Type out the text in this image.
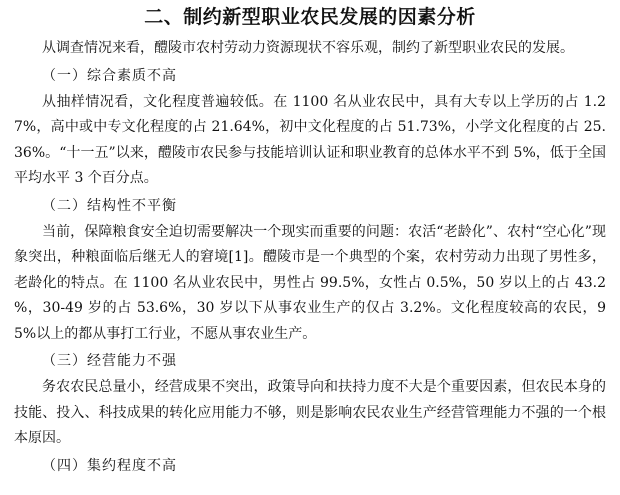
二、制约新型职业农民发展的因素分析

从调查情况来看，醴陵市农村劳动力资源现状不容乐观，制约了新型职业农民的发展。

（一）综合素质不高

从抽样情况看，文化程度普遍较低。在 1100 名从业农民中，具有大专以上学历的占 1.27%，高中或中专文化程度的占 21.64%，初中文化程度的占 51.73%，小学文化程度的占 25.36%。“十一五”以来，醴陵市农民参与技能培训认证和职业教育的总体水平不到 5%，低于全国平均水平 3 个百分点。

（二）结构性不平衡

当前，保障粮食安全迫切需要解决一个现实而重要的问题：农活“老龄化”、农村“空心化”现象突出，种粮面临后继无人的窘境[1]。醴陵市是一个典型的个案，农村劳动力出现了男性多，老龄化的特点。在 1100 名从业农民中，男性占 99.5%，女性占 0.5%，50 岁以上的占 43.2 %，30-49 岁的占 53.6%，30 岁以下从事农业生产的仅占 3.2%。文化程度较高的农民，95%以上的都从事打工行业，不愿从事农业生产。

（三）经营能力不强

务农农民总量小，经营成果不突出，政策导向和扶持力度不大是个重要因素，但农民本身的技能、投入、科技成果的转化应用能力不够，则是影响农民农业生产经营管理能力不强的一个根本原因。

（四）集约程度不高
